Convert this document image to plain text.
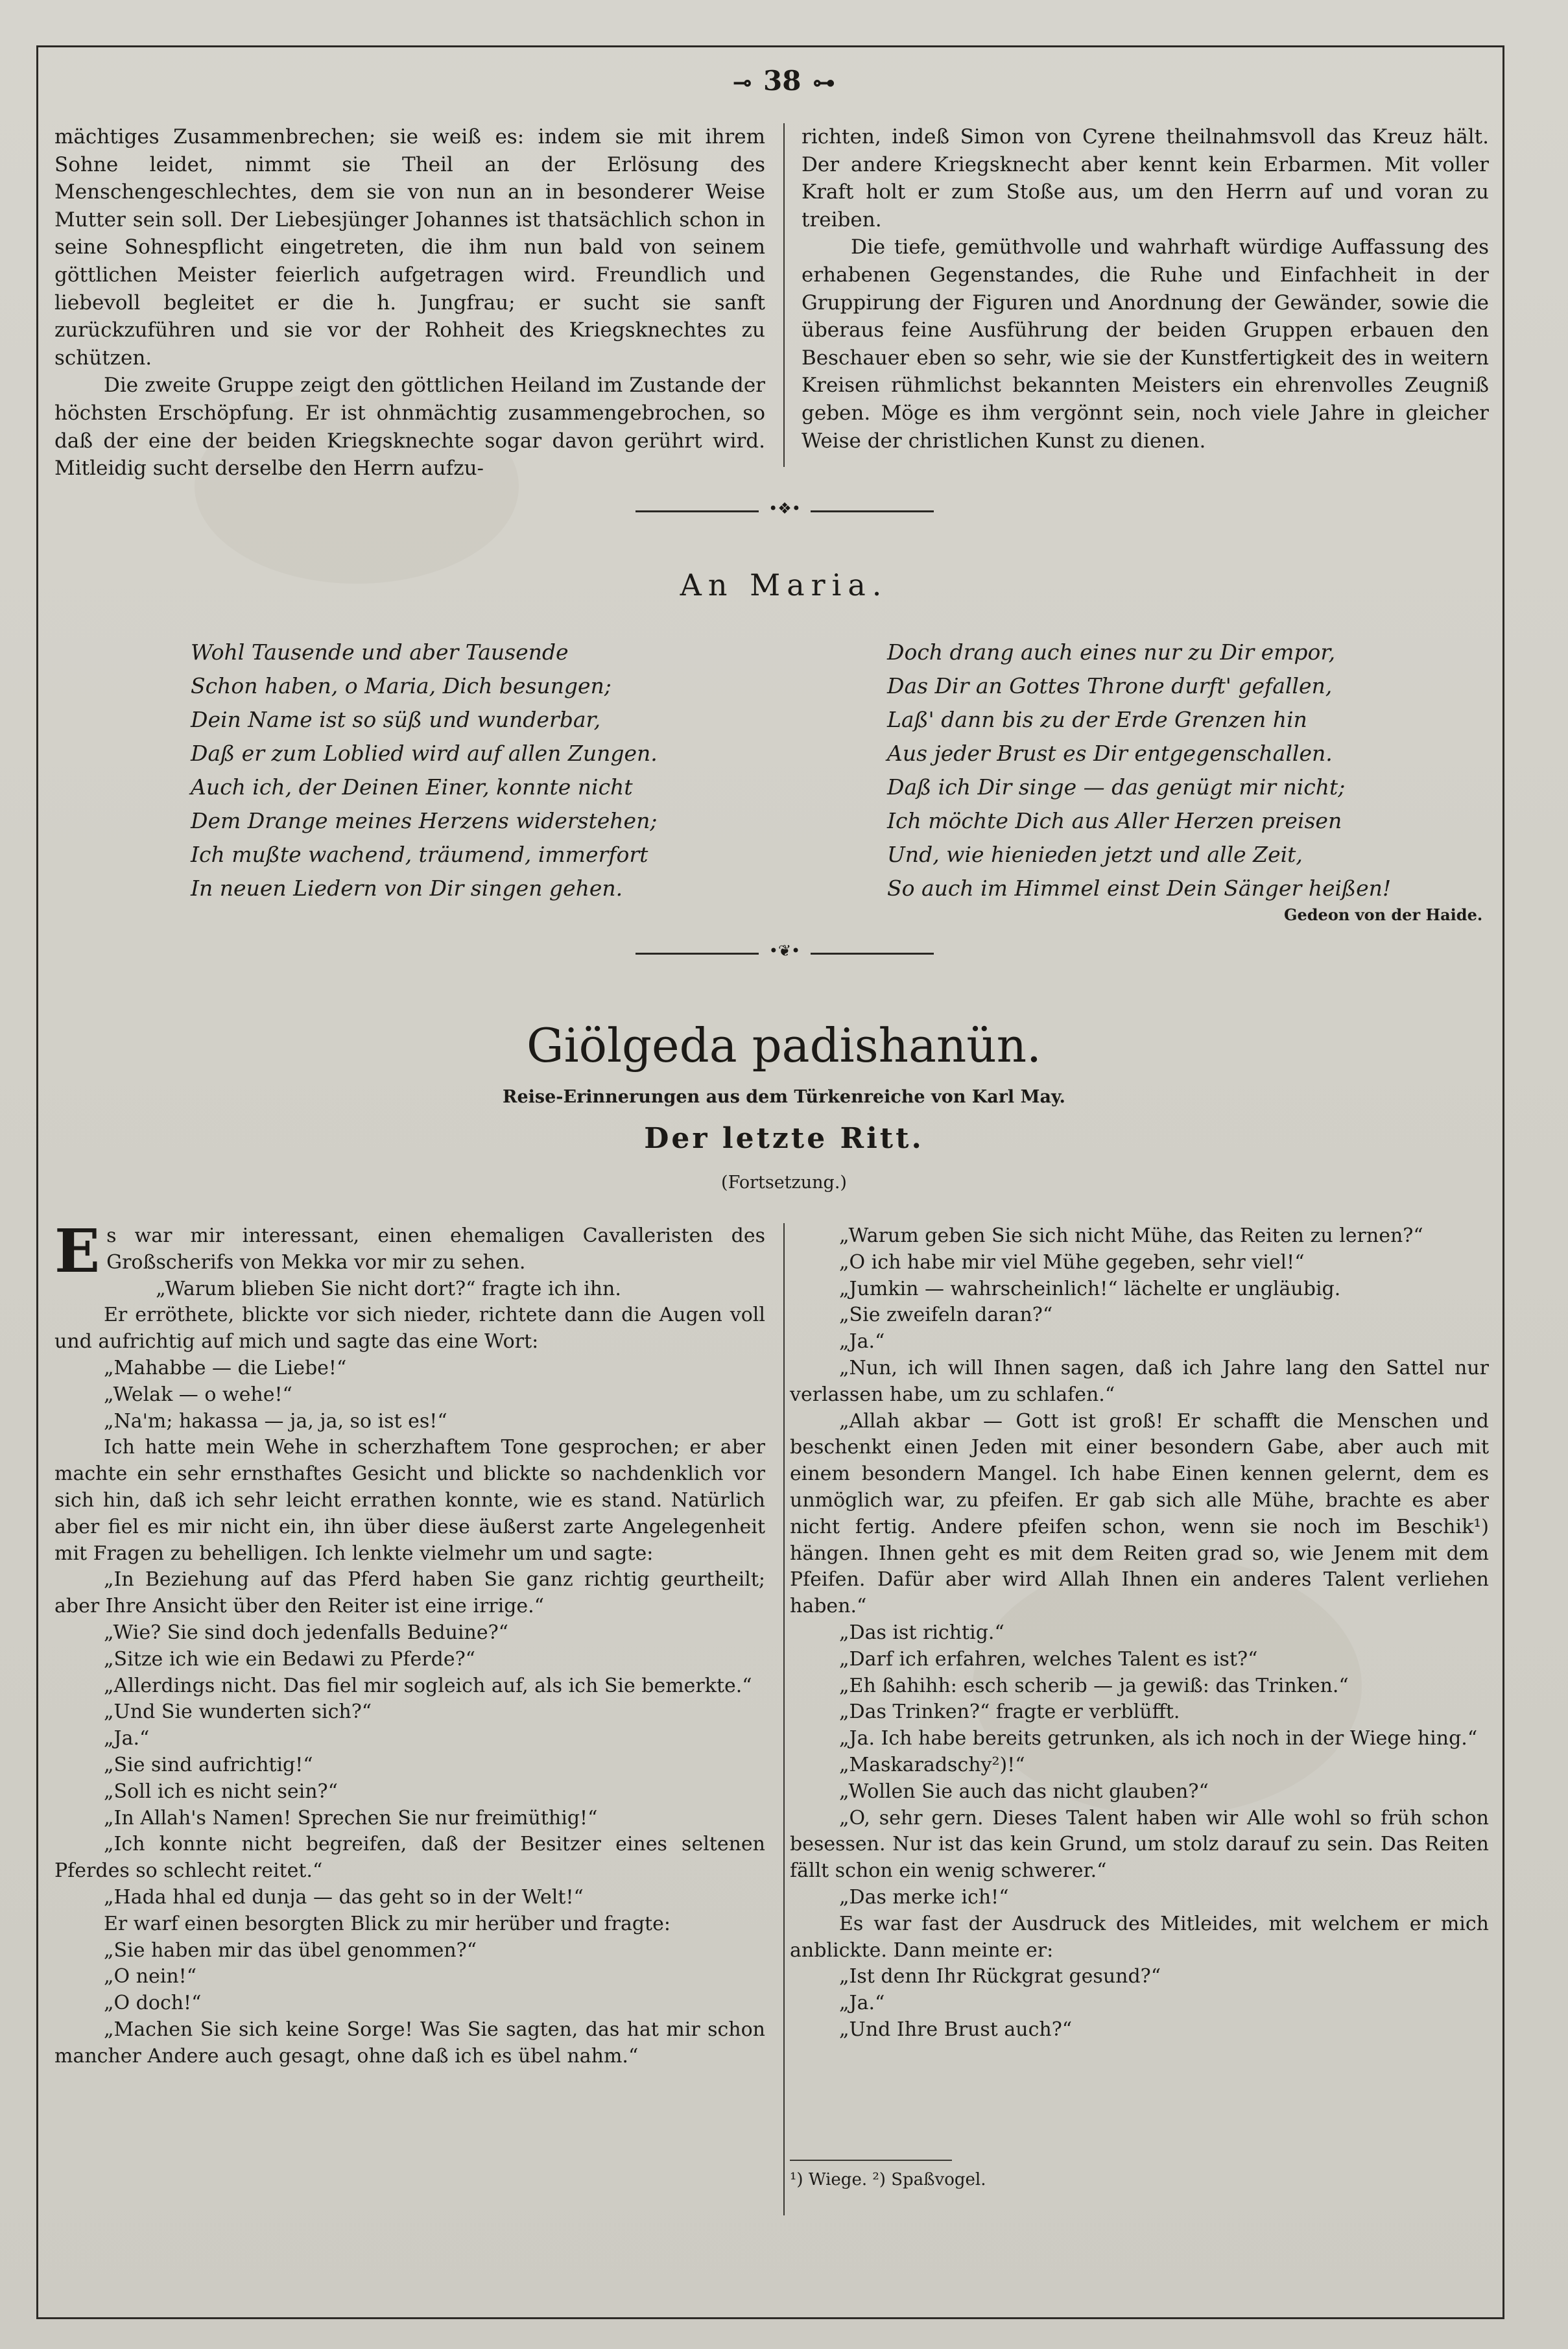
⊸ 38 ⊶

mächtiges Zusammenbrechen; sie weiß es: indem sie mit ihrem Sohne leidet, nimmt sie Theil an der Erlösung des Menschengeschlechtes, dem sie von nun an in besonderer Weise Mutter sein soll. Der Liebesjünger Johannes ist thatsächlich schon in seine Sohnespflicht eingetreten, die ihm nun bald von seinem göttlichen Meister feierlich aufgetragen wird. Freundlich und liebevoll begleitet er die h. Jungfrau; er sucht sie sanft zurückzuführen und sie vor der Rohheit des Kriegsknechtes zu schützen.

Die zweite Gruppe zeigt den göttlichen Heiland im Zustande der höchsten Erschöpfung. Er ist ohnmächtig zusammengebrochen, so daß der eine der beiden Kriegsknechte sogar davon gerührt wird. Mitleidig sucht derselbe den Herrn aufzu-

richten, indeß Simon von Cyrene theilnahmsvoll das Kreuz hält. Der andere Kriegsknecht aber kennt kein Erbarmen. Mit voller Kraft holt er zum Stoße aus, um den Herrn auf und voran zu treiben.

Die tiefe, gemüthvolle und wahrhaft würdige Auffassung des erhabenen Gegenstandes, die Ruhe und Einfachheit in der Gruppirung der Figuren und Anordnung der Gewänder, sowie die überaus feine Ausführung der beiden Gruppen erbauen den Beschauer eben so sehr, wie sie der Kunstfertigkeit des in weitern Kreisen rühmlichst bekannten Meisters ein ehrenvolles Zeugniß geben. Möge es ihm vergönnt sein, noch viele Jahre in gleicher Weise der christlichen Kunst zu dienen.

•❖•
An Maria.
Wohl Tausende und aber Tausende
Schon haben, o Maria, Dich besungen;
Dein Name ist so süß und wunderbar,
Daß er zum Loblied wird auf allen Zungen.
Auch ich, der Deinen Einer, konnte nicht
Dem Drange meines Herzens widerstehen;
Ich mußte wachend, träumend, immerfort
In neuen Liedern von Dir singen gehen.
Doch drang auch eines nur zu Dir empor,
Das Dir an Gottes Throne durft' gefallen,
Laß' dann bis zu der Erde Grenzen hin
Aus jeder Brust es Dir entgegenschallen.
Daß ich Dir singe — das genügt mir nicht;
Ich möchte Dich aus Aller Herzen preisen
Und, wie hienieden jetzt und alle Zeit,
So auch im Himmel einst Dein Sänger heißen!
Gedeon von der Haide.
•❦•
Giölgeda padishanün.
Reise-Erinnerungen aus dem Türkenreiche von Karl May.
Der letzte Ritt.
(Fortsetzung.)

Es war mir interessant, einen ehemaligen Cavalleristen des Großscherifs von Mekka vor mir zu sehen.

„Warum blieben Sie nicht dort?“ fragte ich ihn.

Er erröthete, blickte vor sich nieder, richtete dann die Augen voll und aufrichtig auf mich und sagte das eine Wort:

„Mahabbe — die Liebe!“

„Welak — o wehe!“

„Na'm; hakassa — ja, ja, so ist es!“

Ich hatte mein Wehe in scherzhaftem Tone gesprochen; er aber machte ein sehr ernsthaftes Gesicht und blickte so nachdenklich vor sich hin, daß ich sehr leicht errathen konnte, wie es stand. Natürlich aber fiel es mir nicht ein, ihn über diese äußerst zarte Angelegenheit mit Fragen zu behelligen. Ich lenkte vielmehr um und sagte:

„In Beziehung auf das Pferd haben Sie ganz richtig geurtheilt; aber Ihre Ansicht über den Reiter ist eine irrige.“

„Wie? Sie sind doch jedenfalls Beduine?“

„Sitze ich wie ein Bedawi zu Pferde?“

„Allerdings nicht. Das fiel mir sogleich auf, als ich Sie bemerkte.“

„Und Sie wunderten sich?“

„Ja.“

„Sie sind aufrichtig!“

„Soll ich es nicht sein?“

„In Allah's Namen! Sprechen Sie nur freimüthig!“

„Ich konnte nicht begreifen, daß der Besitzer eines seltenen Pferdes so schlecht reitet.“

„Hada hhal ed dunja — das geht so in der Welt!“

Er warf einen besorgten Blick zu mir herüber und fragte:

„Sie haben mir das übel genommen?“

„O nein!“

„O doch!“

„Machen Sie sich keine Sorge! Was Sie sagten, das hat mir schon mancher Andere auch gesagt, ohne daß ich es übel nahm.“

„Warum geben Sie sich nicht Mühe, das Reiten zu lernen?“

„O ich habe mir viel Mühe gegeben, sehr viel!“

„Jumkin — wahrscheinlich!“ lächelte er ungläubig.

„Sie zweifeln daran?“

„Ja.“

„Nun, ich will Ihnen sagen, daß ich Jahre lang den Sattel nur verlassen habe, um zu schlafen.“

„Allah akbar — Gott ist groß! Er schafft die Menschen und beschenkt einen Jeden mit einer besondern Gabe, aber auch mit einem besondern Mangel. Ich habe Einen kennen gelernt, dem es unmöglich war, zu pfeifen. Er gab sich alle Mühe, brachte es aber nicht fertig. Andere pfeifen schon, wenn sie noch im Beschik¹) hängen. Ihnen geht es mit dem Reiten grad so, wie Jenem mit dem Pfeifen. Dafür aber wird Allah Ihnen ein anderes Talent verliehen haben.“

„Das ist richtig.“

„Darf ich erfahren, welches Talent es ist?“

„Eh ßahihh: esch scherib — ja gewiß: das Trinken.“

„Das Trinken?“ fragte er verblüfft.

„Ja. Ich habe bereits getrunken, als ich noch in der Wiege hing.“

„Maskaradschy²)!“

„Wollen Sie auch das nicht glauben?“

„O, sehr gern. Dieses Talent haben wir Alle wohl so früh schon besessen. Nur ist das kein Grund, um stolz darauf zu sein. Das Reiten fällt schon ein wenig schwerer.“

„Das merke ich!“

Es war fast der Ausdruck des Mitleides, mit welchem er mich anblickte. Dann meinte er:

„Ist denn Ihr Rückgrat gesund?“

„Ja.“

„Und Ihre Brust auch?“

¹) Wiege. ²) Spaßvogel.
